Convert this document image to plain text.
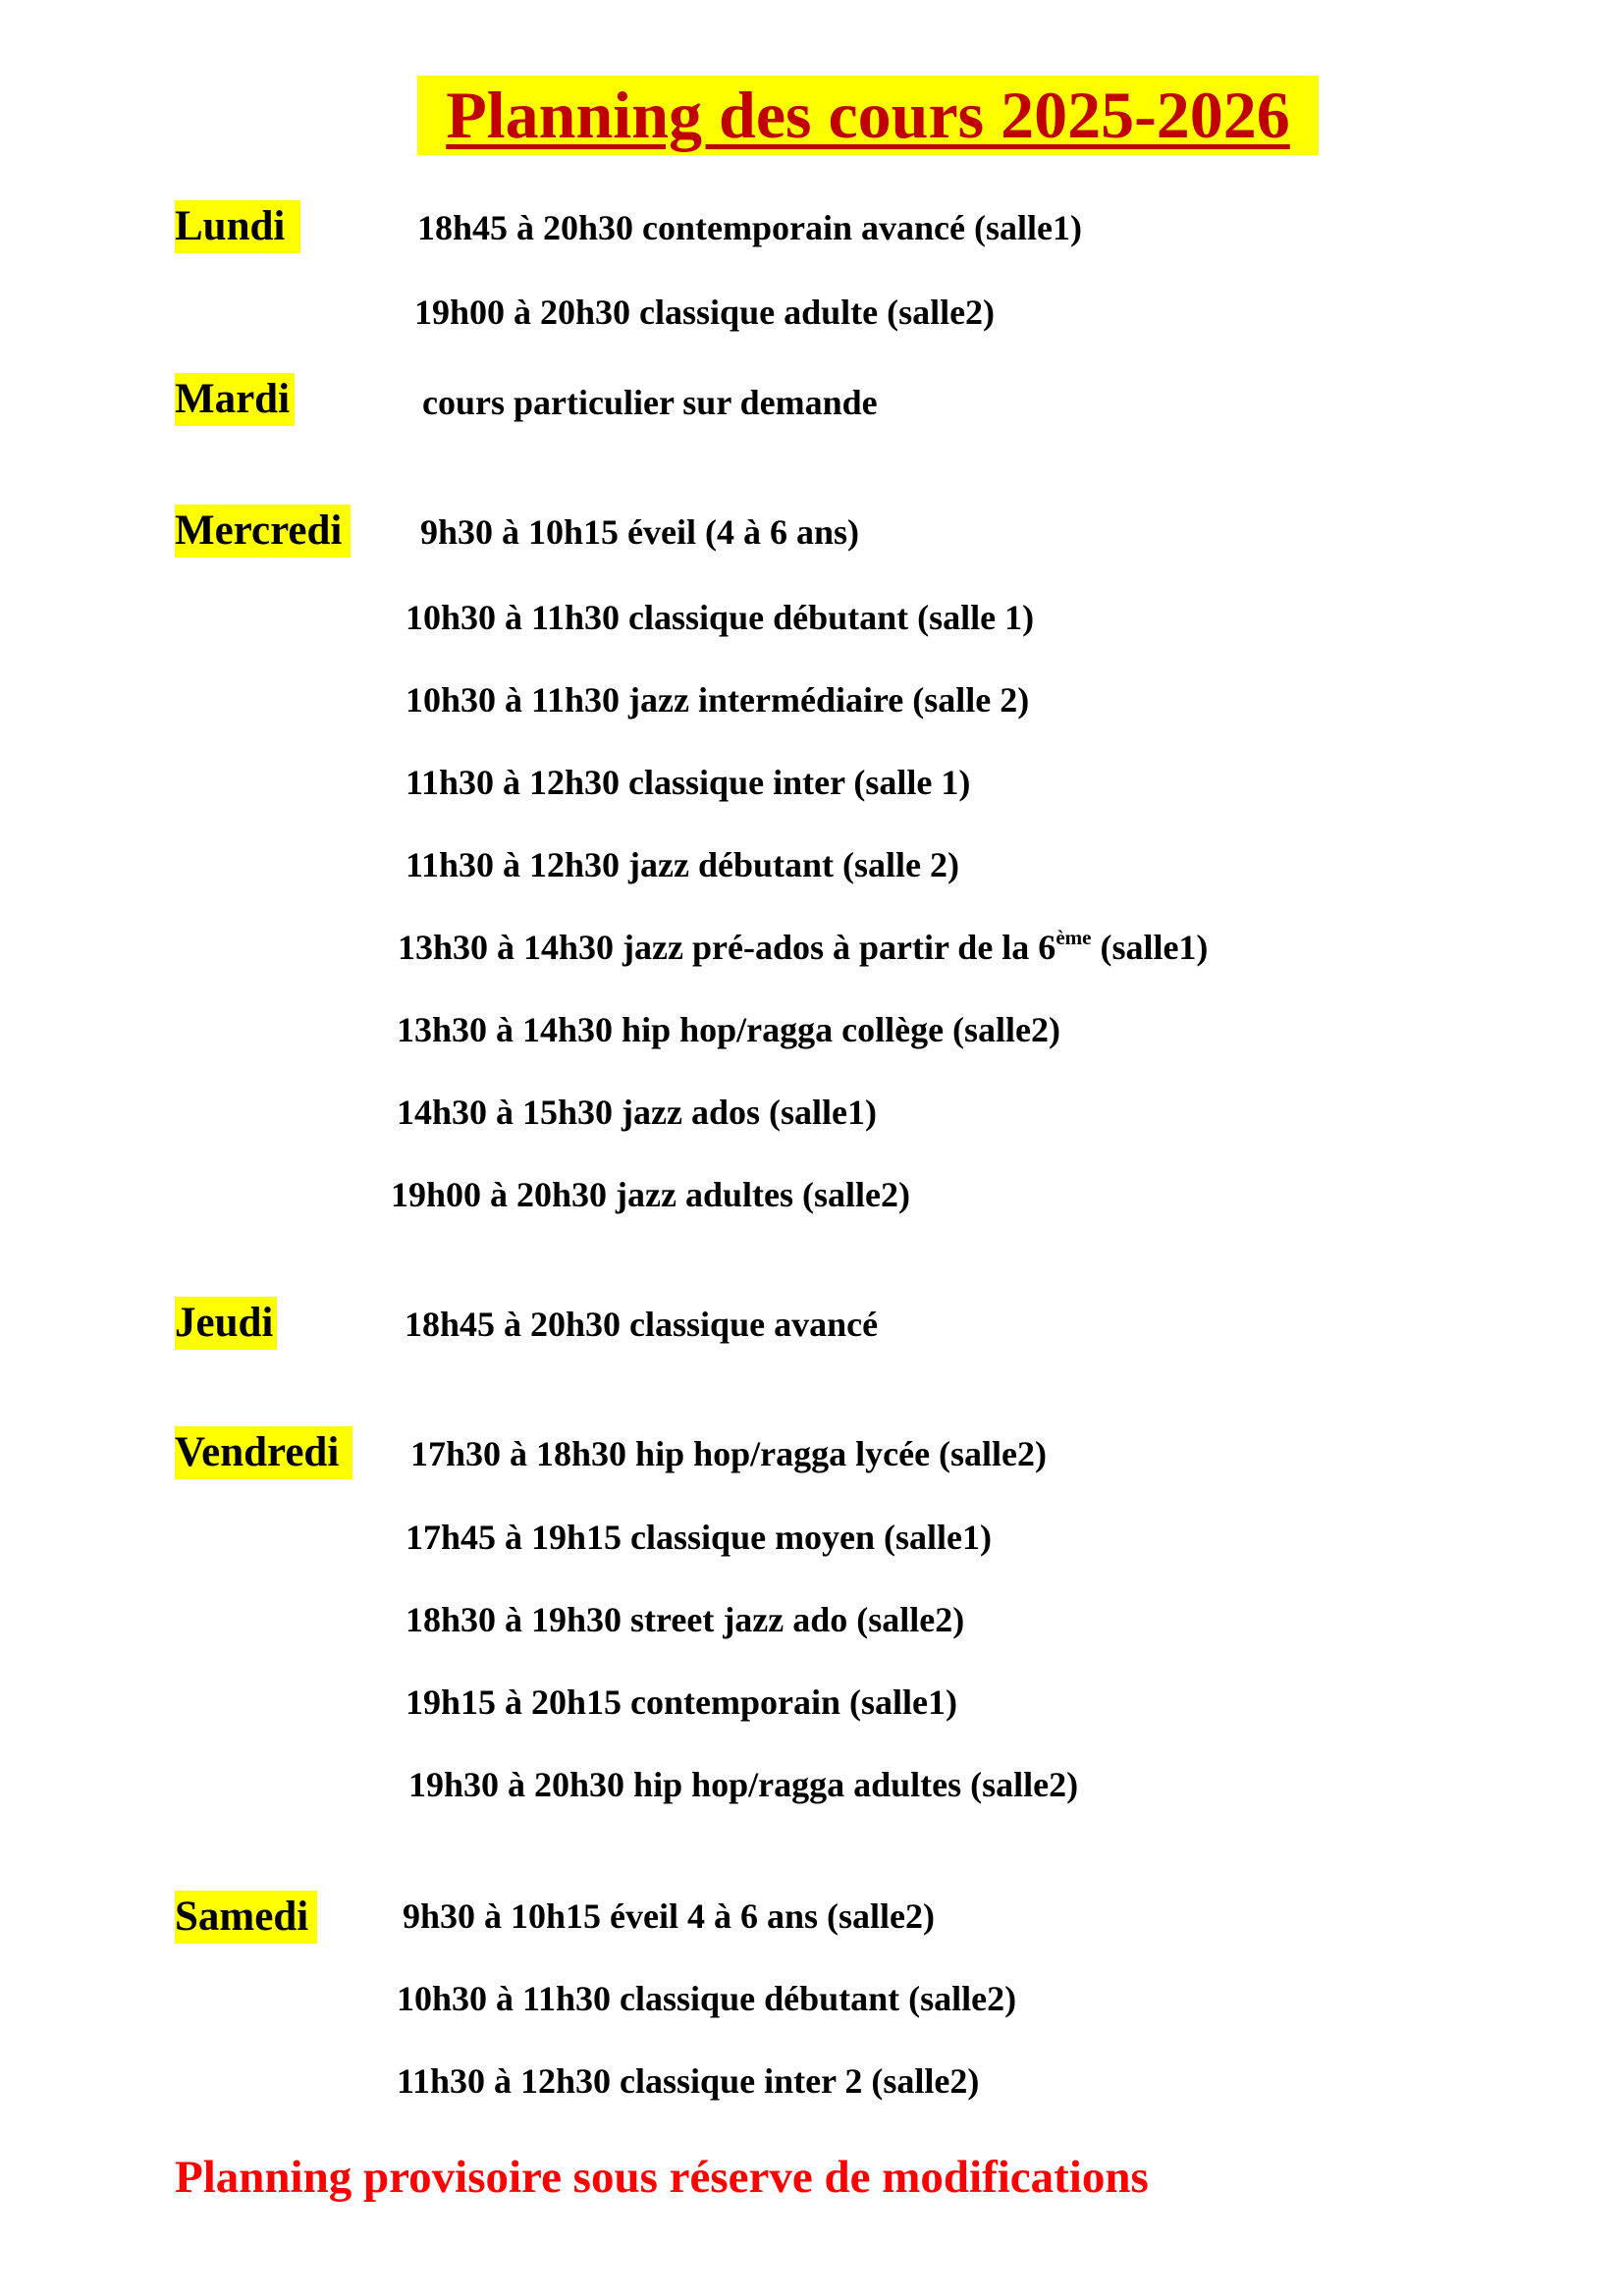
Planning des cours 2025-2026
Lundi	18h45 à 20h30 contemporain avancé (salle1)
19h00 à 20h30 classique adulte (salle2)
Mardi	cours particulier sur demande
Mercredi 9h30 à 10h15 éveil (4 à 6 ans)
10h30 à 11h30 classique débutant (salle 1)
10h30 à 11h30 jazz intermédiaire (salle 2)
11h30 à 12h30 classique inter (salle 1)
11h30 à 12h30 jazz débutant (salle 2)
13h30 à 14h30 jazz pré-ados à partir de la 6ème (salle1)
13h30 à 14h30 hip hop/ragga collège (salle2)
14h30 à 15h30 jazz ados (salle1)
19h00 à 20h30 jazz adultes (salle2)
Jeudi	18h45 à 20h30 classique avancé
Vendredi	17h30 à 18h30 hip hop/ragga lycée (salle2)
17h45 à 19h15 classique moyen (salle1)
18h30 à 19h30 street jazz ado (salle2)
19h15 à 20h15 contemporain (salle1)
19h30 à 20h30 hip hop/ragga adultes (salle2)
Samedi	9h30 à 10h15 éveil 4 à 6 ans (salle2)
10h30 à 11h30 classique débutant (salle2)
11h30 à 12h30 classique inter 2 (salle2)
Planning provisoire sous réserve de modifications
